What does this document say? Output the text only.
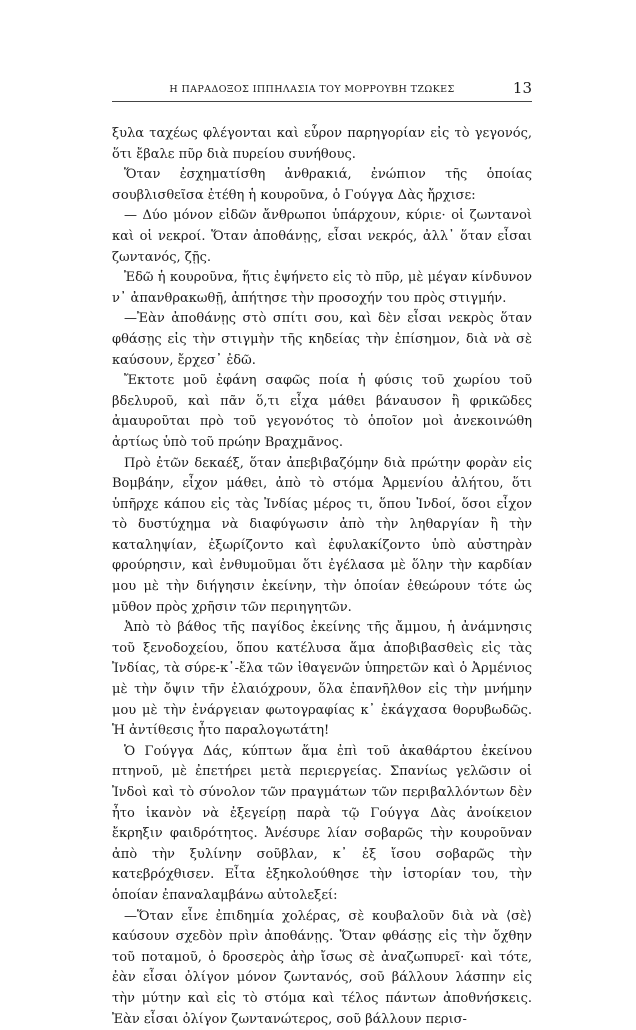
Η ΠΑΡΑΔΟΞΟΣ ΙΠΠΗΛΑΣΙΑ ΤΟΥ ΜΟΡΡΟΥΒΗ ΤΖΩΚΕΣ	13

ξυλα ταχέως φλέγονται καὶ εὗρον παρηγορίαν εἰς τὸ γεγονός, ὅτι ἔβαλε πῦρ διὰ πυρείου συνήθους.

Ὅταν ἐσχηματίσθη ἀνθρακιά, ἐνώπιον τῆς ὁποίας σουβλισθεῖσα ἐτέθη ἡ κουροῦνα, ὁ Γούγγα Δὰς ἤρχισε:

— Δύο μόνον εἰδῶν ἄνθρωποι ὑπάρχουν, κύριε· οἱ ζωντανοὶ καὶ οἱ νεκροί. Ὅταν ἀποθάνῃς, εἶσαι νεκρός, ἀλλ᾽ ὅταν εἶσαι ζωντανός, ζῇς.

Ἐδῶ ἡ κουροῦνα, ἥτις ἐψήνετο εἰς τὸ πῦρ, μὲ μέγαν κίνδυνον ν᾽ ἀπανθρακωθῇ, ἀπήτησε τὴν προσοχήν του πρὸς στιγμήν.

—Ἐὰν ἀποθάνῃς στὸ σπίτι σου, καὶ δὲν εἶσαι νεκρὸς ὅταν φθάσῃς εἰς τὴν στιγμὴν τῆς κηδείας τὴν ἐπίσημον, διὰ νὰ σὲ καύσουν, ἔρχεσ᾽ ἐδῶ.

Ἔκτοτε μοῦ ἐφάνη σαφῶς ποία ἡ φύσις τοῦ χωρίου τοῦ βδελυροῦ, καὶ πᾶν ὅ,τι εἶχα μάθει βάναυσον ἢ φρικῶδες ἀμαυροῦται πρὸ τοῦ γεγονότος τὸ ὁποῖον μοὶ ἀνεκοινώθη ἀρτίως ὑπὸ τοῦ πρώην Βραχμᾶνος.

Πρὸ ἐτῶν δεκαέξ, ὅταν ἀπεβιβαζόμην διὰ πρώτην φορὰν εἰς Βομβάην, εἶχον μάθει, ἀπὸ τὸ στόμα Ἀρμενίου ἀλήτου, ὅτι ὑπῆρχε κάπου εἰς τὰς Ἰνδίας μέρος τι, ὅπου Ἰνδοί, ὅσοι εἶχον τὸ δυστύχημα νὰ διαφύγωσιν ἀπὸ τὴν ληθαργίαν ἢ τὴν καταληψίαν, ἐξωρίζοντο καὶ ἐφυλακίζοντο ὑπὸ αὐστηρὰν φρούρησιν, καὶ ἐνθυμοῦμαι ὅτι ἐγέλασα μὲ ὅλην τὴν καρδίαν μου μὲ τὴν διήγησιν ἐκείνην, τὴν ὁποίαν ἐθεώρουν τότε ὡς μῦθον πρὸς χρῆσιν τῶν περιηγητῶν.

Ἀπὸ τὸ βάθος τῆς παγίδος ἐκείνης τῆς ἄμμου, ἡ ἀνάμνησις τοῦ ξενοδοχείου, ὅπου κατέλυσα ἅμα ἀποβιβασθεὶς εἰς τὰς Ἰνδίας, τὰ σύρε-κ᾽-ἔλα τῶν ἰθαγενῶν ὑπηρετῶν καὶ ὁ Ἀρμένιος μὲ τὴν ὄψιν τῆν ἐλαιόχρουν, ὅλα ἐπανῆλθον εἰς τὴν μνήμην μου μὲ τὴν ἐνάργειαν φωτογραφίας κ᾽ ἐκάγχασα θορυβωδῶς. Ἡ ἀντίθεσις ἦτο παραλογωτάτη!

Ὁ Γούγγα Δάς, κύπτων ἅμα ἐπὶ τοῦ ἀκαθάρτου ἐκείνου πτηνοῦ, μὲ ἐπετήρει μετὰ περιεργείας. Σπανίως γελῶσιν οἱ Ἰνδοὶ καὶ τὸ σύνολον τῶν πραγμάτων τῶν περιβαλλόντων δὲν ἦτο ἱκανὸν νὰ ἐξεγείρῃ παρὰ τῷ Γούγγα Δὰς ἀνοίκειον ἔκρηξιν φαιδρότητος. Ἀνέσυρε λίαν σοβαρῶς τὴν κουροῦναν ἀπὸ τὴν ξυλίνην σοῦβλαν, κ᾽ ἐξ ἴσου σοβαρῶς τὴν κατεβρόχθισεν. Εἶτα ἐξηκολούθησε τὴν ἱστορίαν του, τὴν ὁποίαν ἐπαναλαμβάνω αὐτολεξεί:

—Ὅταν εἶνε ἐπιδημία χολέρας, σὲ κουβαλοῦν διὰ νὰ ⟨σὲ⟩ καύσουν σχεδὸν πρὶν ἀποθάνῃς. Ὅταν φθάσῃς εἰς τὴν ὄχθην τοῦ ποταμοῦ, ὁ δροσερὸς ἀὴρ ἴσως σὲ ἀναζωπυρεῖ· καὶ τότε, ἐὰν εἶσαι ὀλίγον μόνον ζωντανός, σοῦ βάλλουν λάσπην εἰς τὴν μύτην καὶ εἰς τὸ στόμα καὶ τέλος πάντων ἀποθνήσκεις. Ἐὰν εἶσαι ὀλίγον ζωντανώτερος, σοῦ βάλλουν περισ-
